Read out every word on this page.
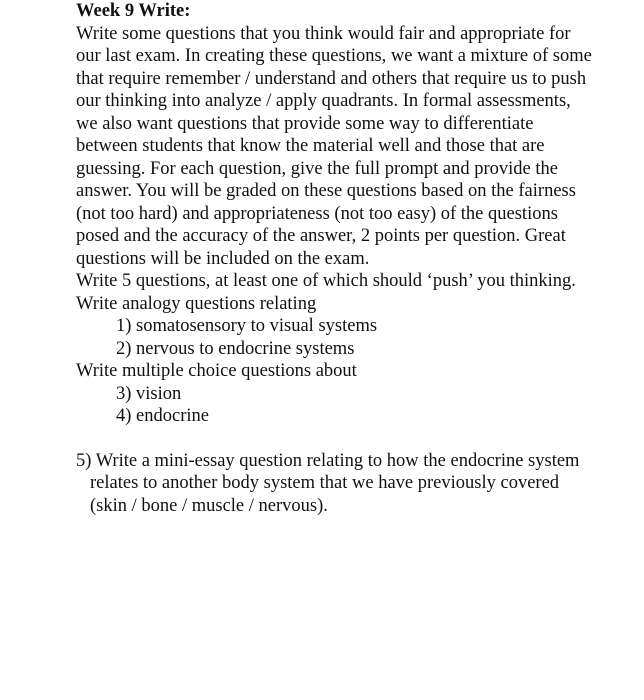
Week 9 Write:

Write some questions that you think would fair and appropriate for our last exam. In creating these questions, we want a mixture of some that require remember / understand and others that require us to push our thinking into analyze / apply quadrants. In formal assessments, we also want questions that provide some way to differentiate between students that know the material well and those that are guessing. For each question, give the full prompt and provide the answer. You will be graded on these questions based on the fairness (not too hard) and appropriateness (not too easy) of the questions posed and the accuracy of the answer, 2 points per question. Great questions will be included on the exam.

Write 5 questions, at least one of which should ‘push’ you thinking.

Write analogy questions relating

1) somatosensory to visual systems

2) nervous to endocrine systems

Write multiple choice questions about

3) vision

4) endocrine

5) Write a mini-essay question relating to how the endocrine system relates to another body system that we have previously covered (skin / bone / muscle / nervous).
